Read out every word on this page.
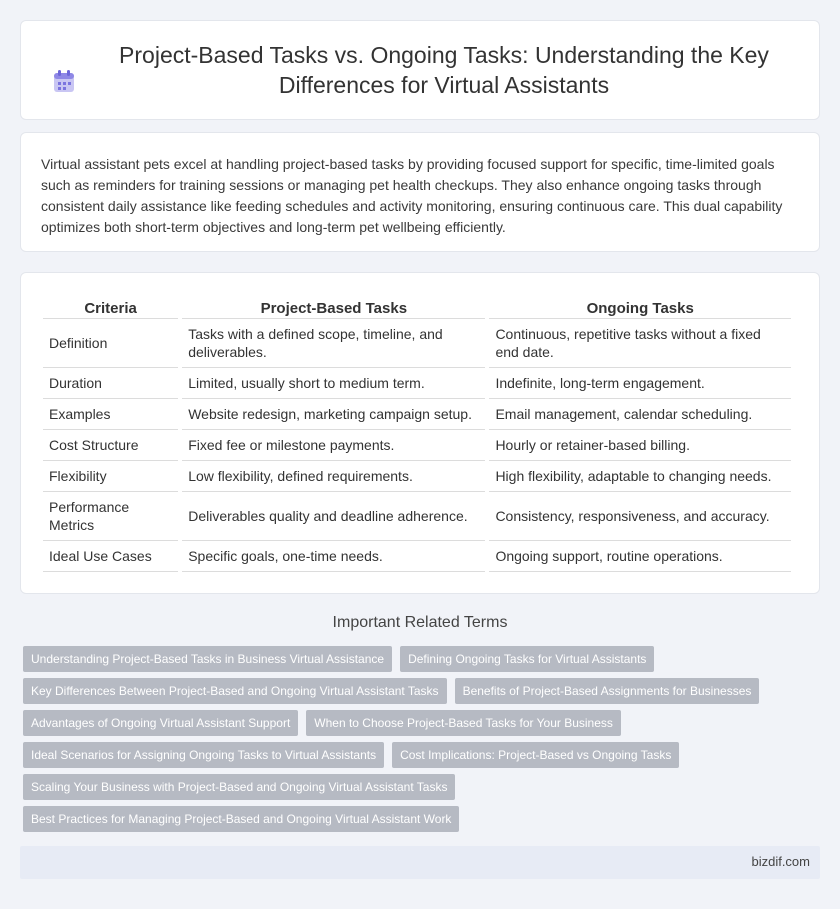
Project-Based Tasks vs. Ongoing Tasks: Understanding the Key Differences for Virtual Assistants

Virtual assistant pets excel at handling project-based tasks by providing focused support for specific, time-limited goals such as reminders for training sessions or managing pet health checkups. They also enhance ongoing tasks through consistent daily assistance like feeding schedules and activity monitoring, ensuring continuous care. This dual capability optimizes both short-term objectives and long-term pet wellbeing efficiently.

Criteria	Project-Based Tasks	Ongoing Tasks
Definition	Tasks with a defined scope, timeline, and deliverables.	Continuous, repetitive tasks without a fixed end date.
Duration	Limited, usually short to medium term.	Indefinite, long-term engagement.
Examples	Website redesign, marketing campaign setup.	Email management, calendar scheduling.
Cost Structure	Fixed fee or milestone payments.	Hourly or retainer-based billing.
Flexibility	Low flexibility, defined requirements.	High flexibility, adaptable to changing needs.
Performance Metrics	Deliverables quality and deadline adherence.	Consistency, responsiveness, and accuracy.
Ideal Use Cases	Specific goals, one-time needs.	Ongoing support, routine operations.
Important Related Terms
Understanding Project-Based Tasks in Business Virtual Assistance	Defining Ongoing Tasks for Virtual Assistants
Key Differences Between Project-Based and Ongoing Virtual Assistant Tasks	Benefits of Project-Based Assignments for Businesses
Advantages of Ongoing Virtual Assistant Support	When to Choose Project-Based Tasks for Your Business
Ideal Scenarios for Assigning Ongoing Tasks to Virtual Assistants	Cost Implications: Project-Based vs Ongoing Tasks
Scaling Your Business with Project-Based and Ongoing Virtual Assistant Tasks
Best Practices for Managing Project-Based and Ongoing Virtual Assistant Work
bizdif.com
